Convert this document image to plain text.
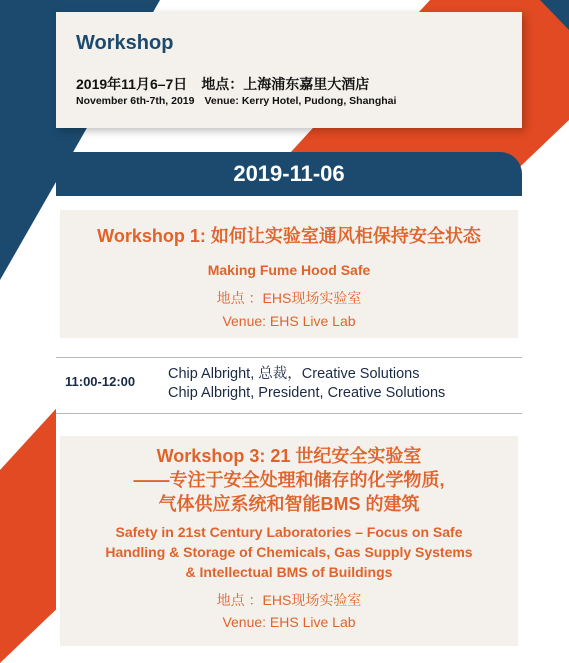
Workshop
2019年11月6–7日 地点：上海浦东嘉里大酒店
November 6th-7th, 2019 Venue: Kerry Hotel, Pudong, Shanghai
2019-11-06
Workshop 1: 如何让实验室通风柜保持安全状态
Making Fume Hood Safe
地点 ：EHS现场实验室
Venue: EHS Live Lab
11:00-12:00 Chip Albright, 总裁，Creative Solutions
Chip Albright, President, Creative Solutions
Workshop 3: 21 世纪安全实验室
——专注于安全处理和储存的化学物质,
气体供应系统和智能BMS 的建筑
Safety in 21st Century Laboratories – Focus on Safe
Handling & Storage of Chemicals, Gas Supply Systems
& Intellectual BMS of Buildings
地点 ：EHS现场实验室
Venue: EHS Live Lab
